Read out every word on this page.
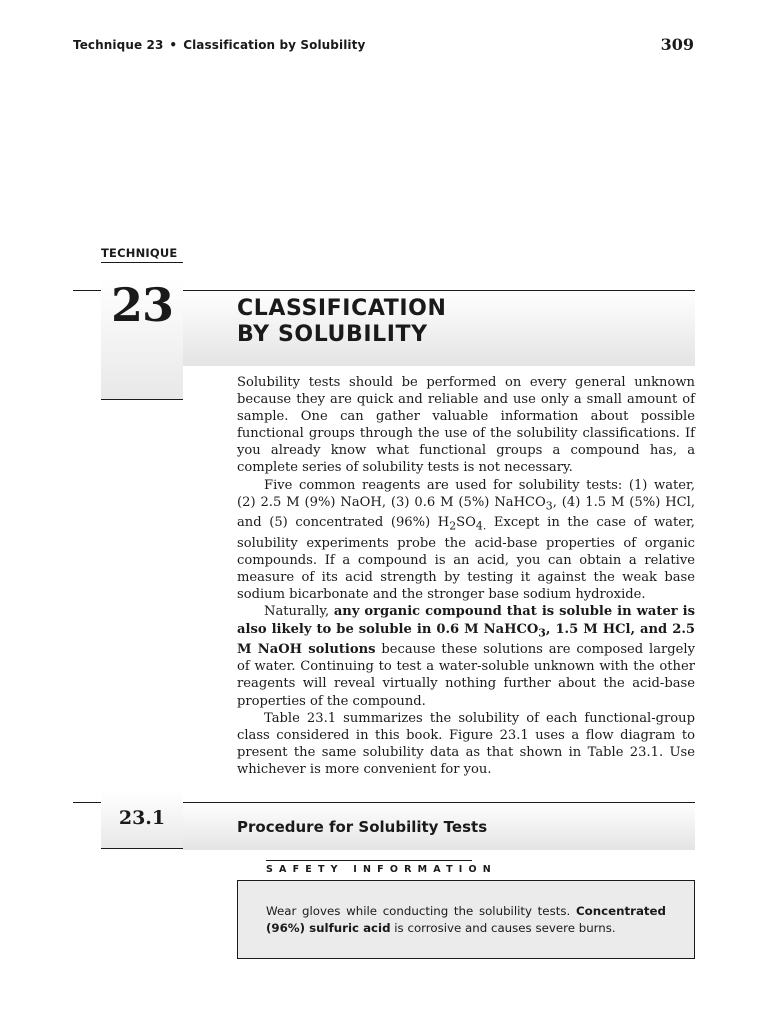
Technique 23 • Classification by Solubility	309
TECHNIQUE
23	CLASSIFICATION
BY SOLUBILITY

Solubility tests should be performed on every general unknown because they are quick and reliable and use only a small amount of sample. One can gather valuable information about possible functional groups through the use of the solubility classifications. If you already know what functional groups a compound has, a complete series of solubility tests is not necessary.

Five common reagents are used for solubility tests: (1) water, (2) 2.5 M (9%) NaOH, (3) 0.6 M (5%) NaHCO$_3$, (4) 1.5 M (5%) HCl, and (5) concentrated (96%) $H_2SO_{4.}$ Except in the case of water, solubility experiments probe the acid-base properties of organic compounds. If a compound is an acid, you can obtain a relative measure of its acid strength by testing it against the weak base sodium bicarbonate and the stronger base sodium hydroxide.

Naturally, any organic compound that is soluble in water is also likely to be soluble in 0.6 M NaHCO$_3$, 1.5 M HCl, and 2.5 M NaOH solutions because these solutions are composed largely of water. Continuing to test a water-soluble unknown with the other reagents will reveal virtually nothing further about the acid-base properties of the compound.

Table 23.1 summarizes the solubility of each functional-group class considered in this book. Figure 23.1 uses a flow diagram to present the same solubility data as that shown in Table 23.1. Use whichever is more convenient for you.

23.1	Procedure for Solubility Tests
SAFETY INFORMATION

Wear gloves while conducting the solubility tests. Concentrated (96%) sulfuric acid is corrosive and causes severe burns.
